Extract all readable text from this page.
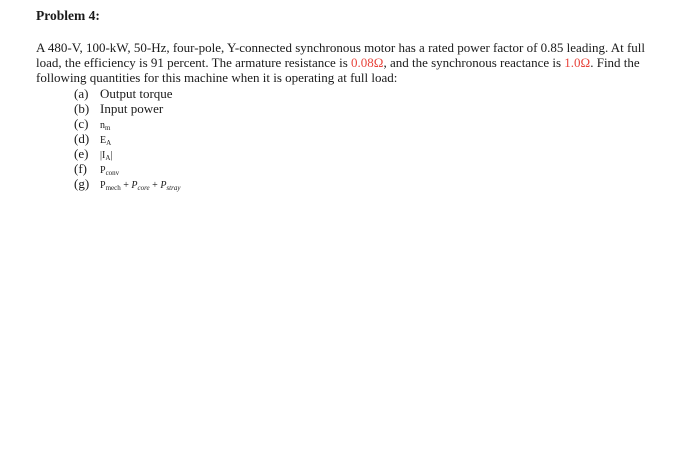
Problem 4:

A 480-V, 100-kW, 50-Hz, four-pole, Y-connected synchronous motor has a rated power factor of 0.85 leading. At full load, the efficiency is 91 percent. The armature resistance is 0.08Ω, and the synchronous reactance is 1.0Ω. Find the following quantities for this machine when it is operating at full load:

(a) Output torque
(b) Input power
(c) $n_m$
(d) $E_A$
(e) $|I_A|$
(f) $P_{conv}$
(g) $P_{mech} + P_{core} + P_{stray}$
